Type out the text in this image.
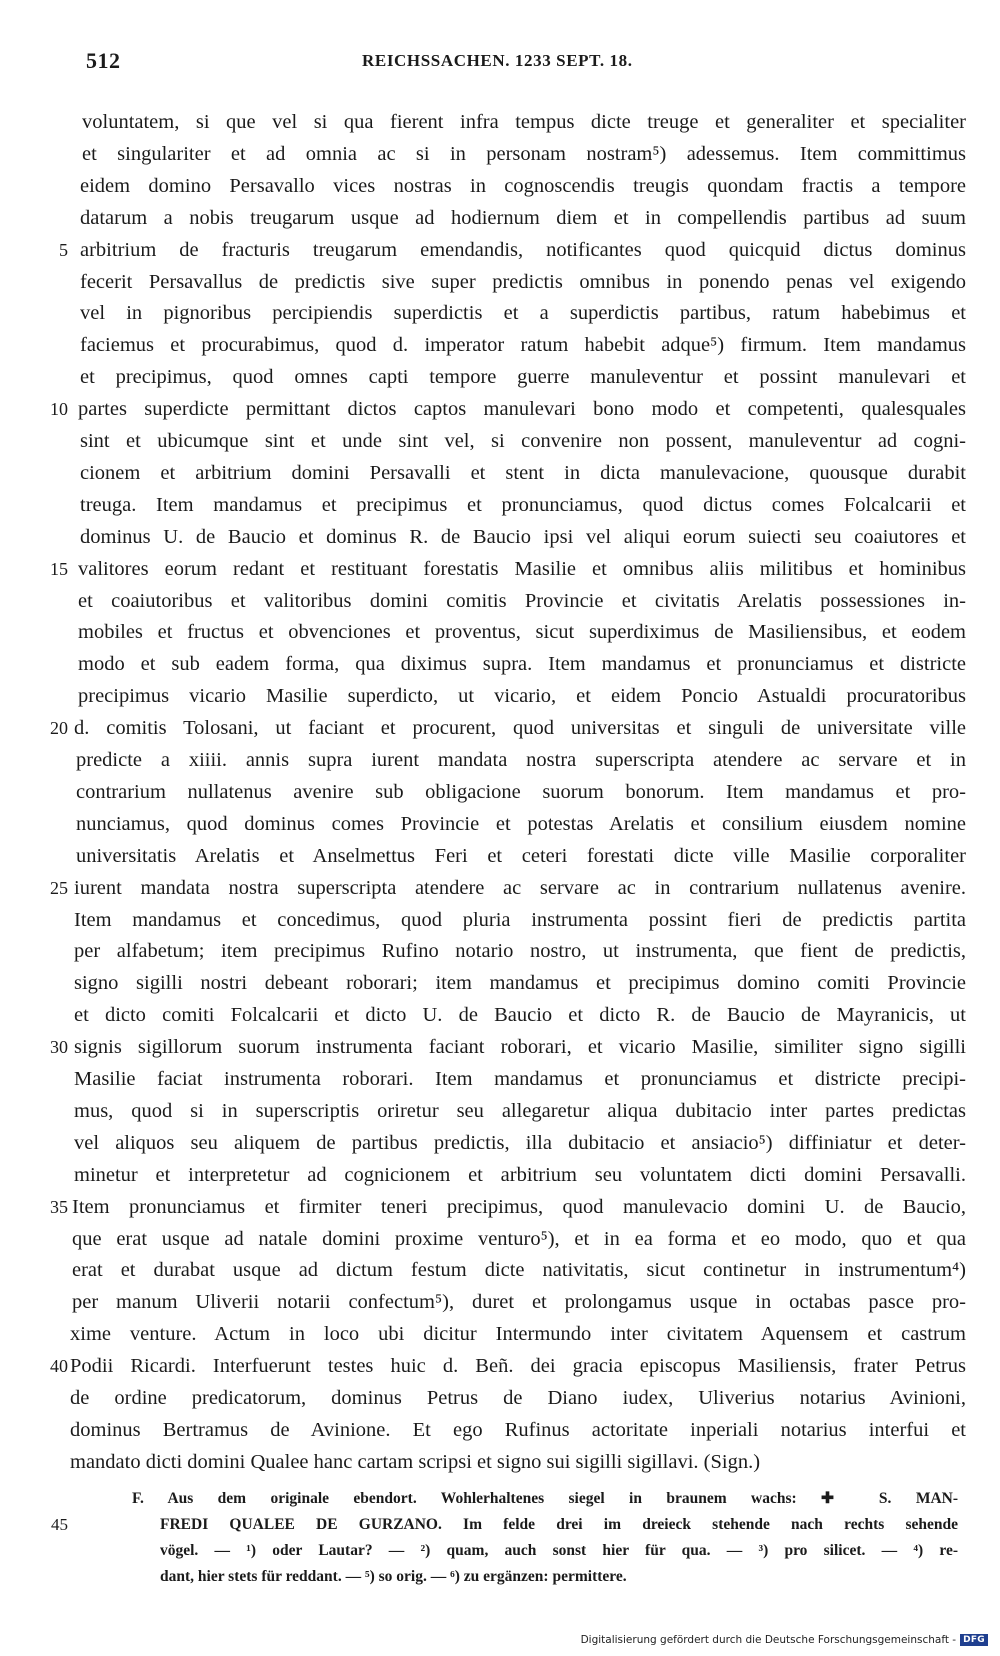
512	REICHSSACHEN. 1233 SEPT. 18.
voluntatem, si que vel si qua fierent infra tempus dicte treuge et generaliter et specialiter
et singulariter et ad omnia ac si in personam nostram⁵) adessemus. Item committimus
eidem domino Persavallo vices nostras in cognoscendis treugis quondam fractis a tempore
datarum a nobis treugarum usque ad hodiernum diem et in compellendis partibus ad suum
arbitrium de fracturis treugarum emendandis, notificantes quod quicquid dictus dominus
fecerit Persavallus de predictis sive super predictis omnibus in ponendo penas vel exigendo
vel in pignoribus percipiendis superdictis et a superdictis partibus, ratum habebimus et
faciemus et procurabimus, quod d. imperator ratum habebit adque⁵) firmum. Item mandamus
et precipimus, quod omnes capti tempore guerre manuleventur et possint manulevari et
partes superdicte permittant dictos captos manulevari bono modo et competenti, qualesquales
sint et ubicumque sint et unde sint vel, si convenire non possent, manuleventur ad cogni-
cionem et arbitrium domini Persavalli et stent in dicta manulevacione, quousque durabit
treuga. Item mandamus et precipimus et pronunciamus, quod dictus comes Folcalcarii et
dominus U. de Baucio et dominus R. de Baucio ipsi vel aliqui eorum suiecti seu coaiutores et
valitores eorum redant et restituant forestatis Masilie et omnibus aliis militibus et hominibus
et coaiutoribus et valitoribus domini comitis Provincie et civitatis Arelatis possessiones in-
mobiles et fructus et obvenciones et proventus, sicut superdiximus de Masiliensibus, et eodem
modo et sub eadem forma, qua diximus supra. Item mandamus et pronunciamus et districte
precipimus vicario Masilie superdicto, ut vicario, et eidem Poncio Astualdi procuratoribus
d. comitis Tolosani, ut faciant et procurent, quod universitas et singuli de universitate ville
predicte a xiiii. annis supra iurent mandata nostra superscripta atendere ac servare et in
contrarium nullatenus avenire sub obligacione suorum bonorum. Item mandamus et pro-
nunciamus, quod dominus comes Provincie et potestas Arelatis et consilium eiusdem nomine
universitatis Arelatis et Anselmettus Feri et ceteri forestati dicte ville Masilie corporaliter
iurent mandata nostra superscripta atendere ac servare ac in contrarium nullatenus avenire.
Item mandamus et concedimus, quod pluria instrumenta possint fieri de predictis partita
per alfabetum; item precipimus Rufino notario nostro, ut instrumenta, que fient de predictis,
signo sigilli nostri debeant roborari; item mandamus et precipimus domino comiti Provincie
et dicto comiti Folcalcarii et dicto U. de Baucio et dicto R. de Baucio de Mayranicis, ut
signis sigillorum suorum instrumenta faciant roborari, et vicario Masilie, similiter signo sigilli
Masilie faciat instrumenta roborari. Item mandamus et pronunciamus et districte precipi-
mus, quod si in superscriptis oriretur seu allegaretur aliqua dubitacio inter partes predictas
vel aliquos seu aliquem de partibus predictis, illa dubitacio et ansiacio⁵) diffiniatur et deter-
minetur et interpretetur ad cognicionem et arbitrium seu voluntatem dicti domini Persavalli.
Item pronunciamus et firmiter teneri precipimus, quod manulevacio domini U. de Baucio,
que erat usque ad natale domini proxime venturo⁵), et in ea forma et eo modo, quo et qua
erat et durabat usque ad dictum festum dicte nativitatis, sicut continetur in instrumentum⁴)
per manum Uliverii notarii confectum⁵), duret et prolongamus usque in octabas pasce pro-
xime venture. Actum in loco ubi dicitur Intermundo inter civitatem Aquensem et castrum
Podii Ricardi. Interfuerunt testes huic d. Beñ. dei gracia episcopus Masiliensis, frater Petrus
de ordine predicatorum, dominus Petrus de Diano iudex, Uliverius notarius Avinioni,
dominus Bertramus de Avinione. Et ego Rufinus actoritate inperiali notarius interfui et
mandato dicti domini Qualee hanc cartam scripsi et signo sui sigilli sigillavi. (Sign.)
5
10
15
20
25
30
35
40
F. Aus dem originale ebendort. Wohlerhaltenes siegel in braunem wachs: ✚ S. MAN-
FREDI QUALEE DE GURZANO. Im felde drei im dreieck stehende nach rechts sehende
vögel. — ¹) oder Lautar? — ²) quam, auch sonst hier für qua. — ³) pro silicet. — ⁴) re-
dant, hier stets für reddant. — ⁵) so orig. — ⁶) zu ergänzen: permittere.
45
Digitalisierung gefördert durch die Deutsche Forschungsgemeinschaft - DFG
